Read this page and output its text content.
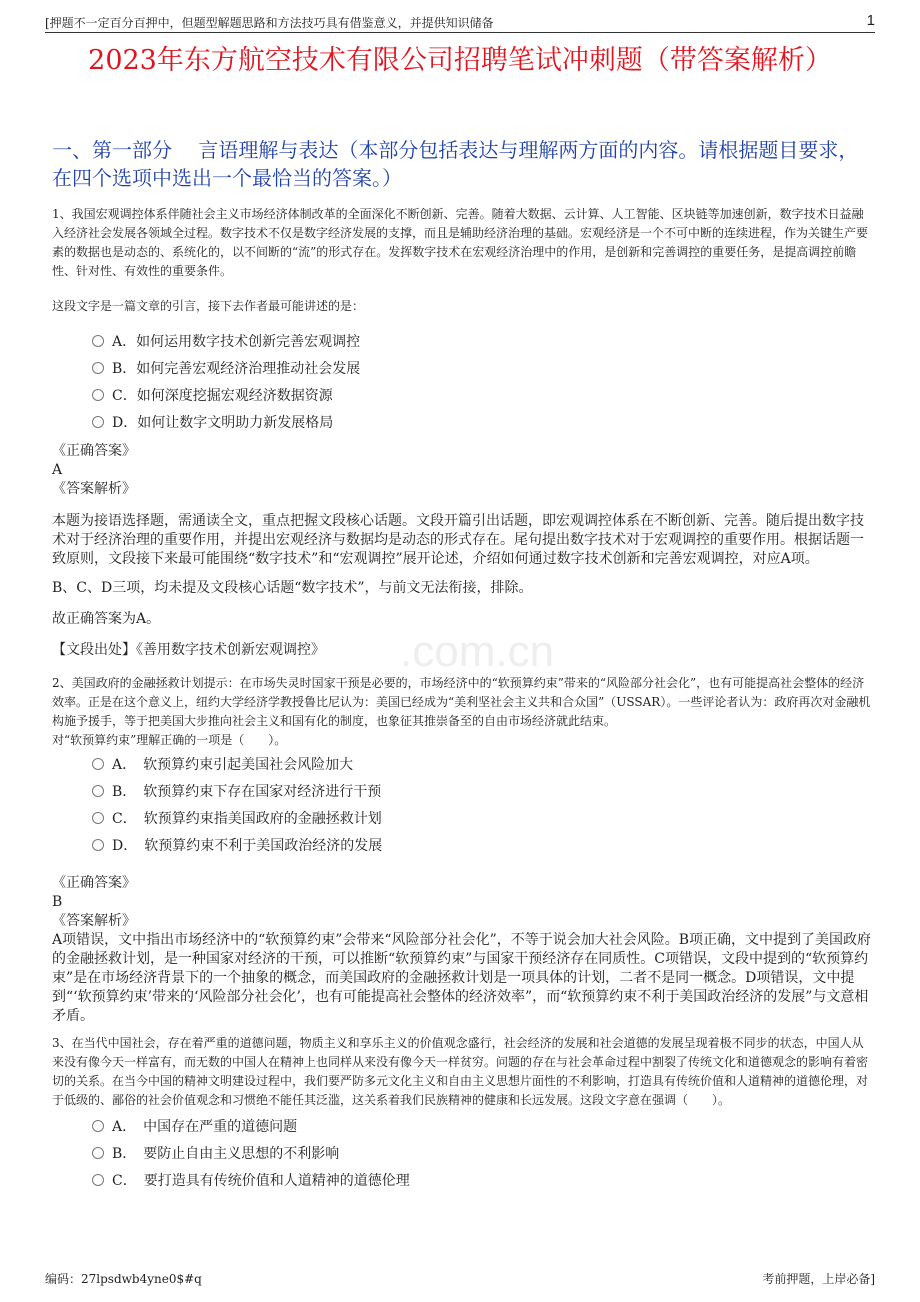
[押题不一定百分百押中，但题型解题思路和方法技巧具有借鉴意义，并提供知识储备	1
2023年东方航空技术有限公司招聘笔试冲刺题（带答案解析）
.com.cn
一、第一部分　 言语理解与表达（本部分包括表达与理解两方面的内容。请根据题目要求，在四个选项中选出一个最恰当的答案。）
1、我国宏观调控体系伴随社会主义市场经济体制改革的全面深化不断创新、完善。随着大数据、云计算、人工智能、区块链等加速创新，数字技术日益融入经济社会发展各领域全过程。数字技术不仅是数字经济发展的支撑，而且是辅助经济治理的基础。宏观经济是一个不可中断的连续进程，作为关键生产要素的数据也是动态的、系统化的，以不间断的“流”的形式存在。发挥数字技术在宏观经济治理中的作用，是创新和完善调控的重要任务，是提高调控前瞻性、针对性、有效性的重要条件。
这段文字是一篇文章的引言，接下去作者最可能讲述的是：
A．如何运用数字技术创新完善宏观调控
B．如何完善宏观经济治理推动社会发展
C．如何深度挖掘宏观经济数据资源
D．如何让数字文明助力新发展格局
《正确答案》
A
《答案解析》
本题为接语选择题，需通读全文，重点把握文段核心话题。文段开篇引出话题，即宏观调控体系在不断创新、完善。随后提出数字技术对于经济治理的重要作用，并提出宏观经济与数据均是动态的形式存在。尾句提出数字技术对于宏观调控的重要作用。根据话题一致原则，文段接下来最可能围绕“数字技术”和“宏观调控”展开论述，介绍如何通过数字技术创新和完善宏观调控，对应A项。
B、C、D三项，均未提及文段核心话题“数字技术”，与前文无法衔接，排除。
故正确答案为A。
【文段出处】《善用数字技术创新宏观调控》
2、美国政府的金融拯救计划提示：在市场失灵时国家干预是必要的，市场经济中的“软预算约束”带来的“风险部分社会化”，也有可能提高社会整体的经济效率。正是在这个意义上，纽约大学经济学教授鲁比尼认为：美国已经成为“美利坚社会主义共和合众国”（USSAR）。一些评论者认为：政府再次对金融机构施予援手，等于把美国大步推向社会主义和国有化的制度，也象征其推崇备至的自由市场经济就此结束。
对“软预算约束”理解正确的一项是（　　）。
A．　软预算约束引起美国社会风险加大
B．　软预算约束下存在国家对经济进行干预
C．　软预算约束指美国政府的金融拯救计划
D．　软预算约束不利于美国政治经济的发展
《正确答案》
B
《答案解析》
A项错误，文中指出市场经济中的“软预算约束”会带来“风险部分社会化”，不等于说会加大社会风险。B项正确，文中提到了美国政府的金融拯救计划，是一种国家对经济的干预，可以推断“软预算约束”与国家干预经济存在同质性。C项错误，文段中提到的“软预算约束”是在市场经济背景下的一个抽象的概念，而美国政府的金融拯救计划是一项具体的计划，二者不是同一概念。D项错误，文中提到“‘软预算约束’带来的‘风险部分社会化’，也有可能提高社会整体的经济效率”，而“软预算约束不利于美国政治经济的发展”与文意相矛盾。
3、在当代中国社会，存在着严重的道德问题，物质主义和享乐主义的价值观念盛行，社会经济的发展和社会道德的发展呈现着极不同步的状态，中国人从来没有像今天一样富有，而无数的中国人在精神上也同样从来没有像今天一样贫穷。问题的存在与社会革命过程中割裂了传统文化和道德观念的影响有着密切的关系。在当今中国的精神文明建设过程中，我们要严防多元文化主义和自由主义思想片面性的不利影响，打造具有传统价值和人道精神的道德伦理，对于低级的、鄙俗的社会价值观念和习惯绝不能任其泛滥，这关系着我们民族精神的健康和长远发展。这段文字意在强调（　　）。
A．　中国存在严重的道德问题
B．　要防止自由主义思想的不利影响
C．　要打造具有传统价值和人道精神的道德伦理
编码：27lpsdwb4yne0$#q	考前押题，上岸必备]
